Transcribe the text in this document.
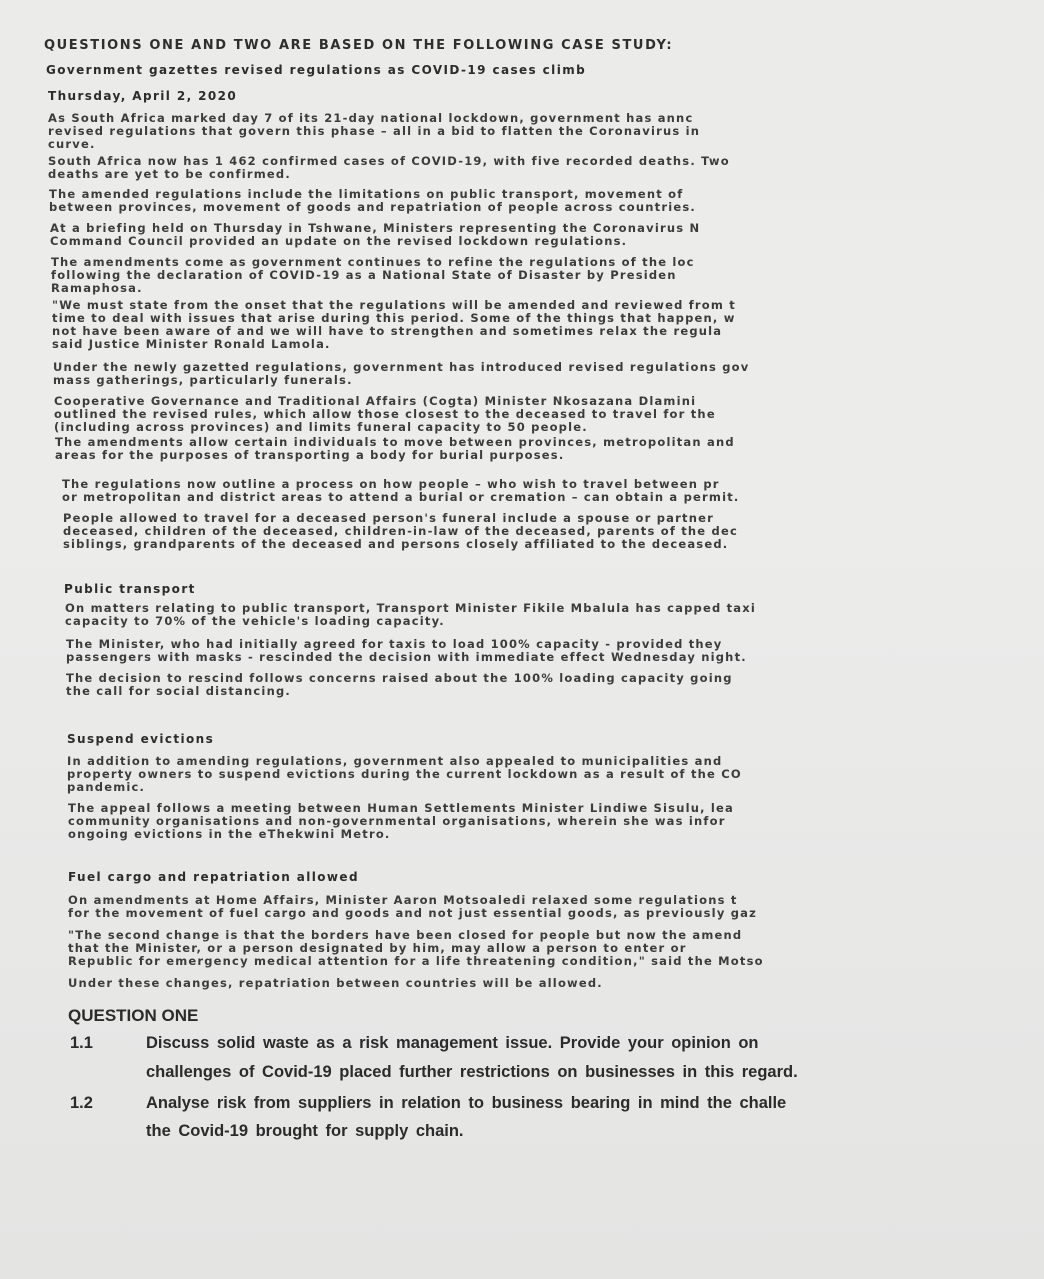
QUESTIONS ONE AND TWO ARE BASED ON THE FOLLOWING CASE STUDY:
Government gazettes revised regulations as COVID-19 cases climb
Thursday, April 2, 2020
As South Africa marked day 7 of its 21-day national lockdown, government has annc
revised regulations that govern this phase – all in a bid to flatten the Coronavirus in
curve.
South Africa now has 1 462 confirmed cases of COVID-19, with five recorded deaths. Two
deaths are yet to be confirmed.
The amended regulations include the limitations on public transport, movement of
between provinces, movement of goods and repatriation of people across countries.
At a briefing held on Thursday in Tshwane, Ministers representing the Coronavirus N
Command Council provided an update on the revised lockdown regulations.
The amendments come as government continues to refine the regulations of the loc
following the declaration of COVID-19 as a National State of Disaster by Presiden
Ramaphosa.
"We must state from the onset that the regulations will be amended and reviewed from t
time to deal with issues that arise during this period. Some of the things that happen, w
not have been aware of and we will have to strengthen and sometimes relax the regula
said Justice Minister Ronald Lamola.
Under the newly gazetted regulations, government has introduced revised regulations gov
mass gatherings, particularly funerals.
Cooperative Governance and Traditional Affairs (Cogta) Minister Nkosazana Dlamini
outlined the revised rules, which allow those closest to the deceased to travel for the
(including across provinces) and limits funeral capacity to 50 people.
The amendments allow certain individuals to move between provinces, metropolitan and
areas for the purposes of transporting a body for burial purposes.
The regulations now outline a process on how people – who wish to travel between pr
or metropolitan and district areas to attend a burial or cremation – can obtain a permit.
People allowed to travel for a deceased person's funeral include a spouse or partner
deceased, children of the deceased, children-in-law of the deceased, parents of the dec
siblings, grandparents of the deceased and persons closely affiliated to the deceased.
Public transport
On matters relating to public transport, Transport Minister Fikile Mbalula has capped taxi
capacity to 70% of the vehicle's loading capacity.
The Minister, who had initially agreed for taxis to load 100% capacity - provided they
passengers with masks - rescinded the decision with immediate effect Wednesday night.
The decision to rescind follows concerns raised about the 100% loading capacity going
the call for social distancing.
Suspend evictions
In addition to amending regulations, government also appealed to municipalities and
property owners to suspend evictions during the current lockdown as a result of the CO
pandemic.
The appeal follows a meeting between Human Settlements Minister Lindiwe Sisulu, lea
community organisations and non-governmental organisations, wherein she was infor
ongoing evictions in the eThekwini Metro.
Fuel cargo and repatriation allowed
On amendments at Home Affairs, Minister Aaron Motsoaledi relaxed some regulations t
for the movement of fuel cargo and goods and not just essential goods, as previously gaz
"The second change is that the borders have been closed for people but now the amend
that the Minister, or a person designated by him, may allow a person to enter or
Republic for emergency medical attention for a life threatening condition," said the Motso
Under these changes, repatriation between countries will be allowed.
QUESTION ONE
1.1	Discuss solid waste as a risk management issue. Provide your opinion on
challenges of Covid-19 placed further restrictions on businesses in this regard.
1.2	Analyse risk from suppliers in relation to business bearing in mind the challe
the Covid-19 brought for supply chain.
